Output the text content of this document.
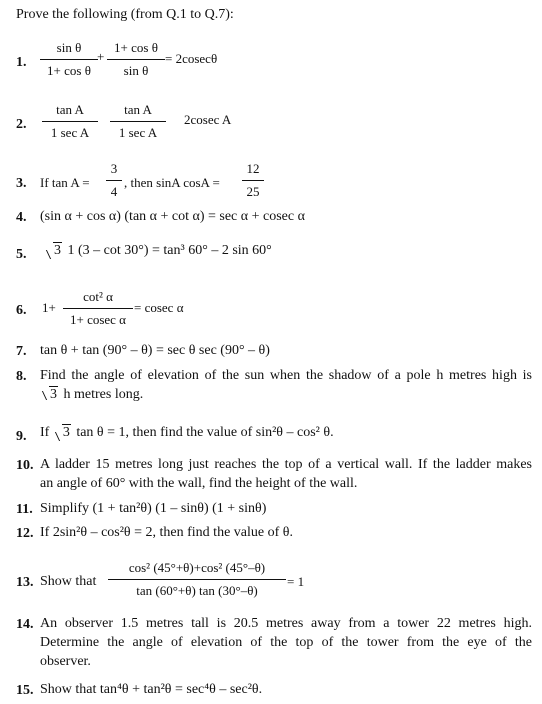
Prove the following (from Q.1 to Q.7):
1.
sin θ
1+ cos θ
+
1+ cos θ
sin θ
= 2cosecθ
2.
tan A
1 sec A
tan A
1 sec A
2cosec A
3. If tan A =
3
4
, then sinA cosA =
12
25
4. (sin α + cos α) (tan α + cot α) = sec α + cosec α
5.	3 1 (3 – cot 30°) = tan³ 60° – 2 sin 60°
6. 1+
cot² α
1+ cosec α
= cosec α
7. tan θ + tan (90° – θ) = sec θ sec (90° – θ)
8. Find the angle of elevation of the sun when the shadow of a pole h metres high is
3 h metres long.
9. If 3 tan θ = 1, then find the value of sin²θ – cos² θ.
10. A ladder 15 metres long just reaches the top of a vertical wall. If the ladder makes
an angle of 60° with the wall, find the height of the wall.
11. Simplify (1 + tan²θ) (1 – sinθ) (1 + sinθ)
12. If 2sin²θ – cos²θ = 2, then find the value of θ.
13. Show that
cos² (45°+θ)+cos² (45°–θ)
tan (60°+θ) tan (30°–θ)
= 1
14. An observer 1.5 metres tall is 20.5 metres away from a tower 22 metres high.
Determine the angle of elevation of the top of the tower from the eye of the
observer.
15. Show that tan⁴θ + tan²θ = sec⁴θ – sec²θ.
